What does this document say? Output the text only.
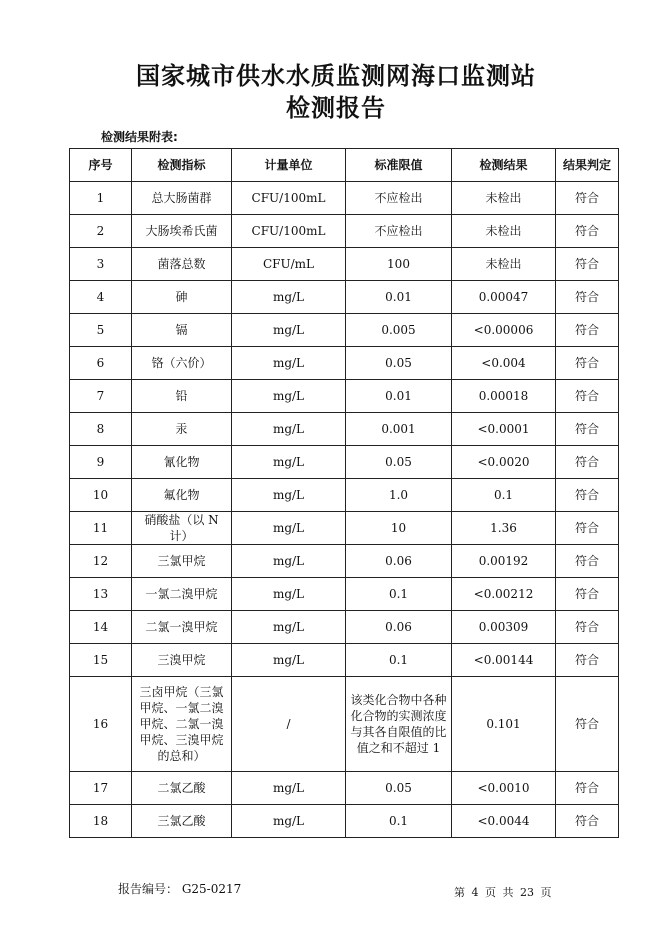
国家城市供水水质监测网海口监测站
检测报告
检测结果附表:
序号	检测指标	计量单位	标准限值	检测结果	结果判定
1	总大肠菌群	CFU/100mL	不应检出	未检出	符合
2	大肠埃希氏菌	CFU/100mL	不应检出	未检出	符合
3	菌落总数	CFU/mL	100	未检出	符合
4	砷	mg/L	0.01	0.00047	符合
5	镉	mg/L	0.005	<0.00006	符合
6	铬（六价）	mg/L	0.05	<0.004	符合
7	铅	mg/L	0.01	0.00018	符合
8	汞	mg/L	0.001	<0.0001	符合
9	氰化物	mg/L	0.05	<0.0020	符合
10	氟化物	mg/L	1.0	0.1	符合
11	硝酸盐（以 N 计）	mg/L	10	1.36	符合
12	三氯甲烷	mg/L	0.06	0.00192	符合
13	一氯二溴甲烷	mg/L	0.1	<0.00212	符合
14	二氯一溴甲烷	mg/L	0.06	0.00309	符合
15	三溴甲烷	mg/L	0.1	<0.00144	符合
16	三卤甲烷（三氯甲烷、一氯二溴甲烷、二氯一溴甲烷、三溴甲烷的总和）	/	该类化合物中各种化合物的实测浓度与其各自限值的比值之和不超过 1	0.101	符合
17	二氯乙酸	mg/L	0.05	<0.0010	符合
18	三氯乙酸	mg/L	0.1	<0.0044	符合
报告编号： G25-0217	第 4 页 共 23 页
